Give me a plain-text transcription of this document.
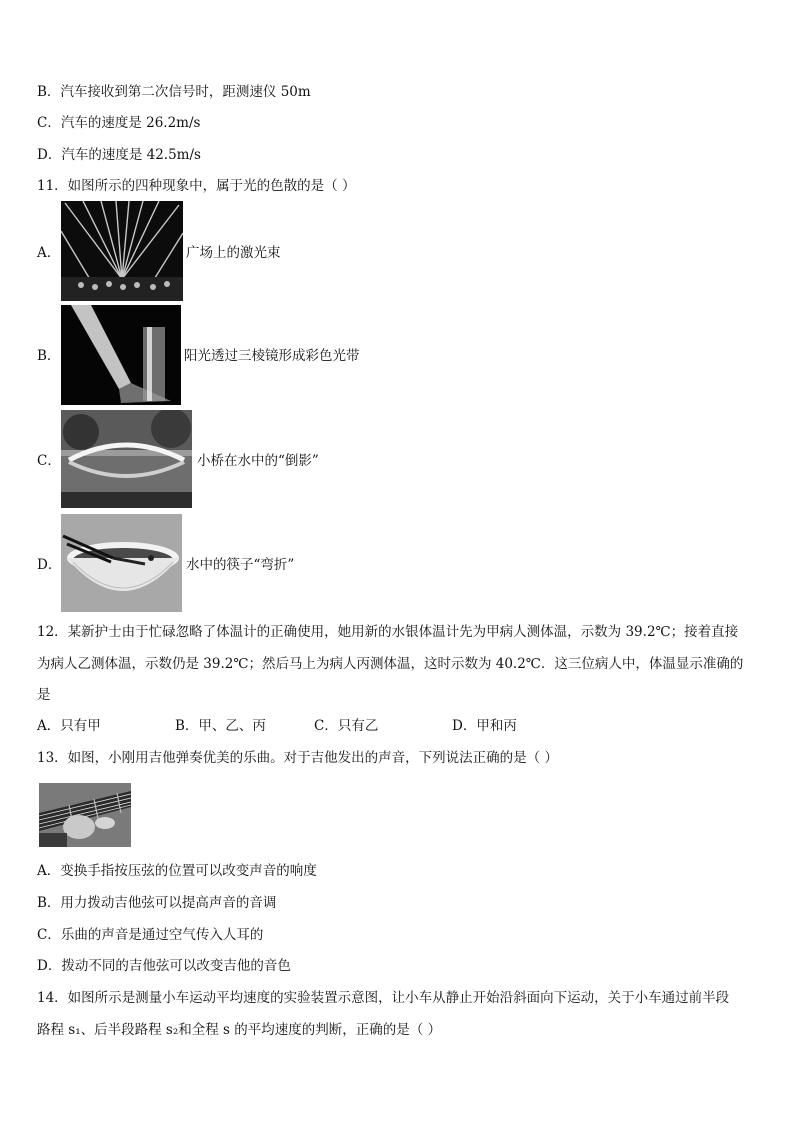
B．汽车接收到第二次信号时，距测速仪 50m
C．汽车的速度是 26.2m/s
D．汽车的速度是 42.5m/s
11．如图所示的四种现象中，属于光的色散的是（ ）
A．	广场上的激光束
B．	阳光透过三棱镜形成彩色光带
C．	小桥在水中的“倒影”
D．	水中的筷子“弯折”
12．某新护士由于忙碌忽略了体温计的正确使用，她用新的水银体温计先为甲病人测体温，示数为 39.2℃；接着直接
为病人乙测体温，示数仍是 39.2℃；然后马上为病人丙测体温，这时示数为 40.2℃．这三位病人中，体温显示准确的
是
A．只有甲	B．甲、乙、丙	C．只有乙	D．甲和丙
13．如图，小刚用吉他弹奏优美的乐曲。对于吉他发出的声音，下列说法正确的是（ ）
A．变换手指按压弦的位置可以改变声音的响度
B．用力拨动吉他弦可以提高声音的音调
C．乐曲的声音是通过空气传入人耳的
D．拨动不同的吉他弦可以改变吉他的音色
14．如图所示是测量小车运动平均速度的实验装置示意图，让小车从静止开始沿斜面向下运动，关于小车通过前半段
路程 s₁、后半段路程 s₂和全程 s 的平均速度的判断，正确的是（ ）
